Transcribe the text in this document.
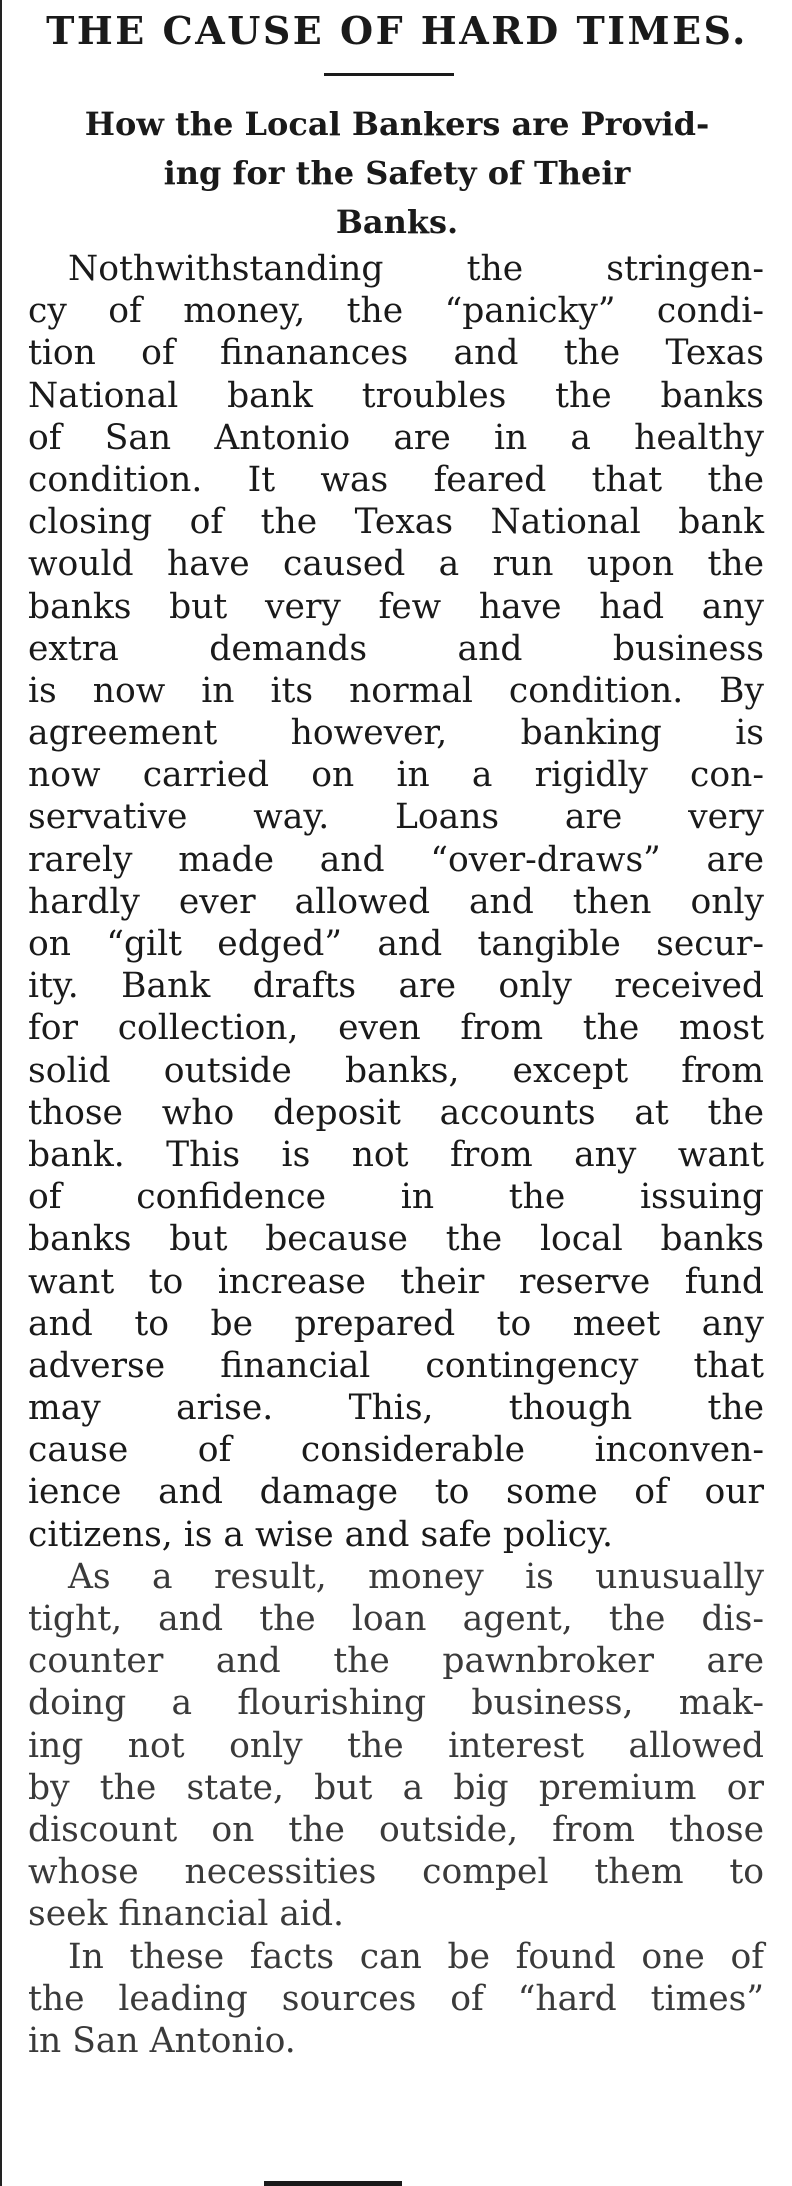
THE CAUSE OF HARD TIMES.
How the Local Bankers are Provid-
ing for the Safety of Their
Banks.
Nothwithstanding the stringen-
cy of money, the “panicky” condi-
tion of finanances and the Texas
National bank troubles the banks
of San Antonio are in a healthy
condition. It was feared that the
closing of the Texas National bank
would have caused a run upon the
banks but very few have had any
extra demands and business
is now in its normal condition. By
agreement however, banking is
now carried on in a rigidly con-
servative way. Loans are very
rarely made and “over-draws” are
hardly ever allowed and then only
on “gilt edged” and tangible secur-
ity. Bank drafts are only received
for collection, even from the most
solid outside banks, except from
those who deposit accounts at the
bank. This is not from any want
of confidence in the issuing
banks but because the local banks
want to increase their reserve fund
and to be prepared to meet any
adverse financial contingency that
may arise. This, though the
cause of considerable inconven-
ience and damage to some of our
citizens, is a wise and safe policy.
As a result, money is unusually
tight, and the loan agent, the dis-
counter and the pawnbroker are
doing a flourishing business, mak-
ing not only the interest allowed
by the state, but a big premium or
discount on the outside, from those
whose necessities compel them to
seek financial aid.
In these facts can be found one of
the leading sources of “hard times”
in San Antonio.
